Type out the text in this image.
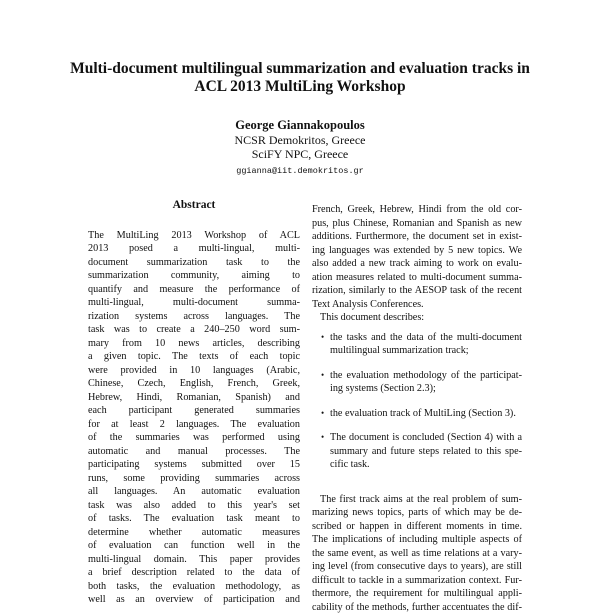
Multi-document multilingual summarization and evaluation tracks in
ACL 2013 MultiLing Workshop
George Giannakopoulos
NCSR Demokritos, Greece
SciFY NPC, Greece
ggianna@iit.demokritos.gr
Abstract
The MultiLing 2013 Workshop of ACL
2013 posed a multi-lingual, multi-
document summarization task to the
summarization community, aiming to
quantify and measure the performance of
multi-lingual, multi-document summa-
rization systems across languages. The
task was to create a 240–250 word sum-
mary from 10 news articles, describing
a given topic. The texts of each topic
were provided in 10 languages (Arabic,
Chinese, Czech, English, French, Greek,
Hebrew, Hindi, Romanian, Spanish) and
each participant generated summaries
for at least 2 languages. The evaluation
of the summaries was performed using
automatic and manual processes. The
participating systems submitted over 15
runs, some providing summaries across
all languages. An automatic evaluation
task was also added to this year's set
of tasks. The evaluation task meant to
determine whether automatic measures
of evaluation can function well in the
multi-lingual domain. This paper provides
a brief description related to the data of
both tasks, the evaluation methodology, as
well as an overview of participation and
French, Greek, Hebrew, Hindi from the old cor-
pus, plus Chinese, Romanian and Spanish as new
additions. Furthermore, the document set in exist-
ing languages was extended by 5 new topics. We
also added a new track aiming to work on evalu-
ation measures related to multi-document summa-
rization, similarly to the AESOP task of the recent
Text Analysis Conferences.
This document describes:
• the tasks and the data of the multi-document
multilingual summarization track;
• the evaluation methodology of the participat-
ing systems (Section 2.3);
• the evaluation track of MultiLing (Section 3).
• The document is concluded (Section 4) with a
summary and future steps related to this spe-
cific task.
The first track aims at the real problem of sum-
marizing news topics, parts of which may be de-
scribed or happen in different moments in time.
The implications of including multiple aspects of
the same event, as well as time relations at a vary-
ing level (from consecutive days to years), are still
difficult to tackle in a summarization context. Fur-
thermore, the requirement for multilingual appli-
cability of the methods, further accentuates the dif-
